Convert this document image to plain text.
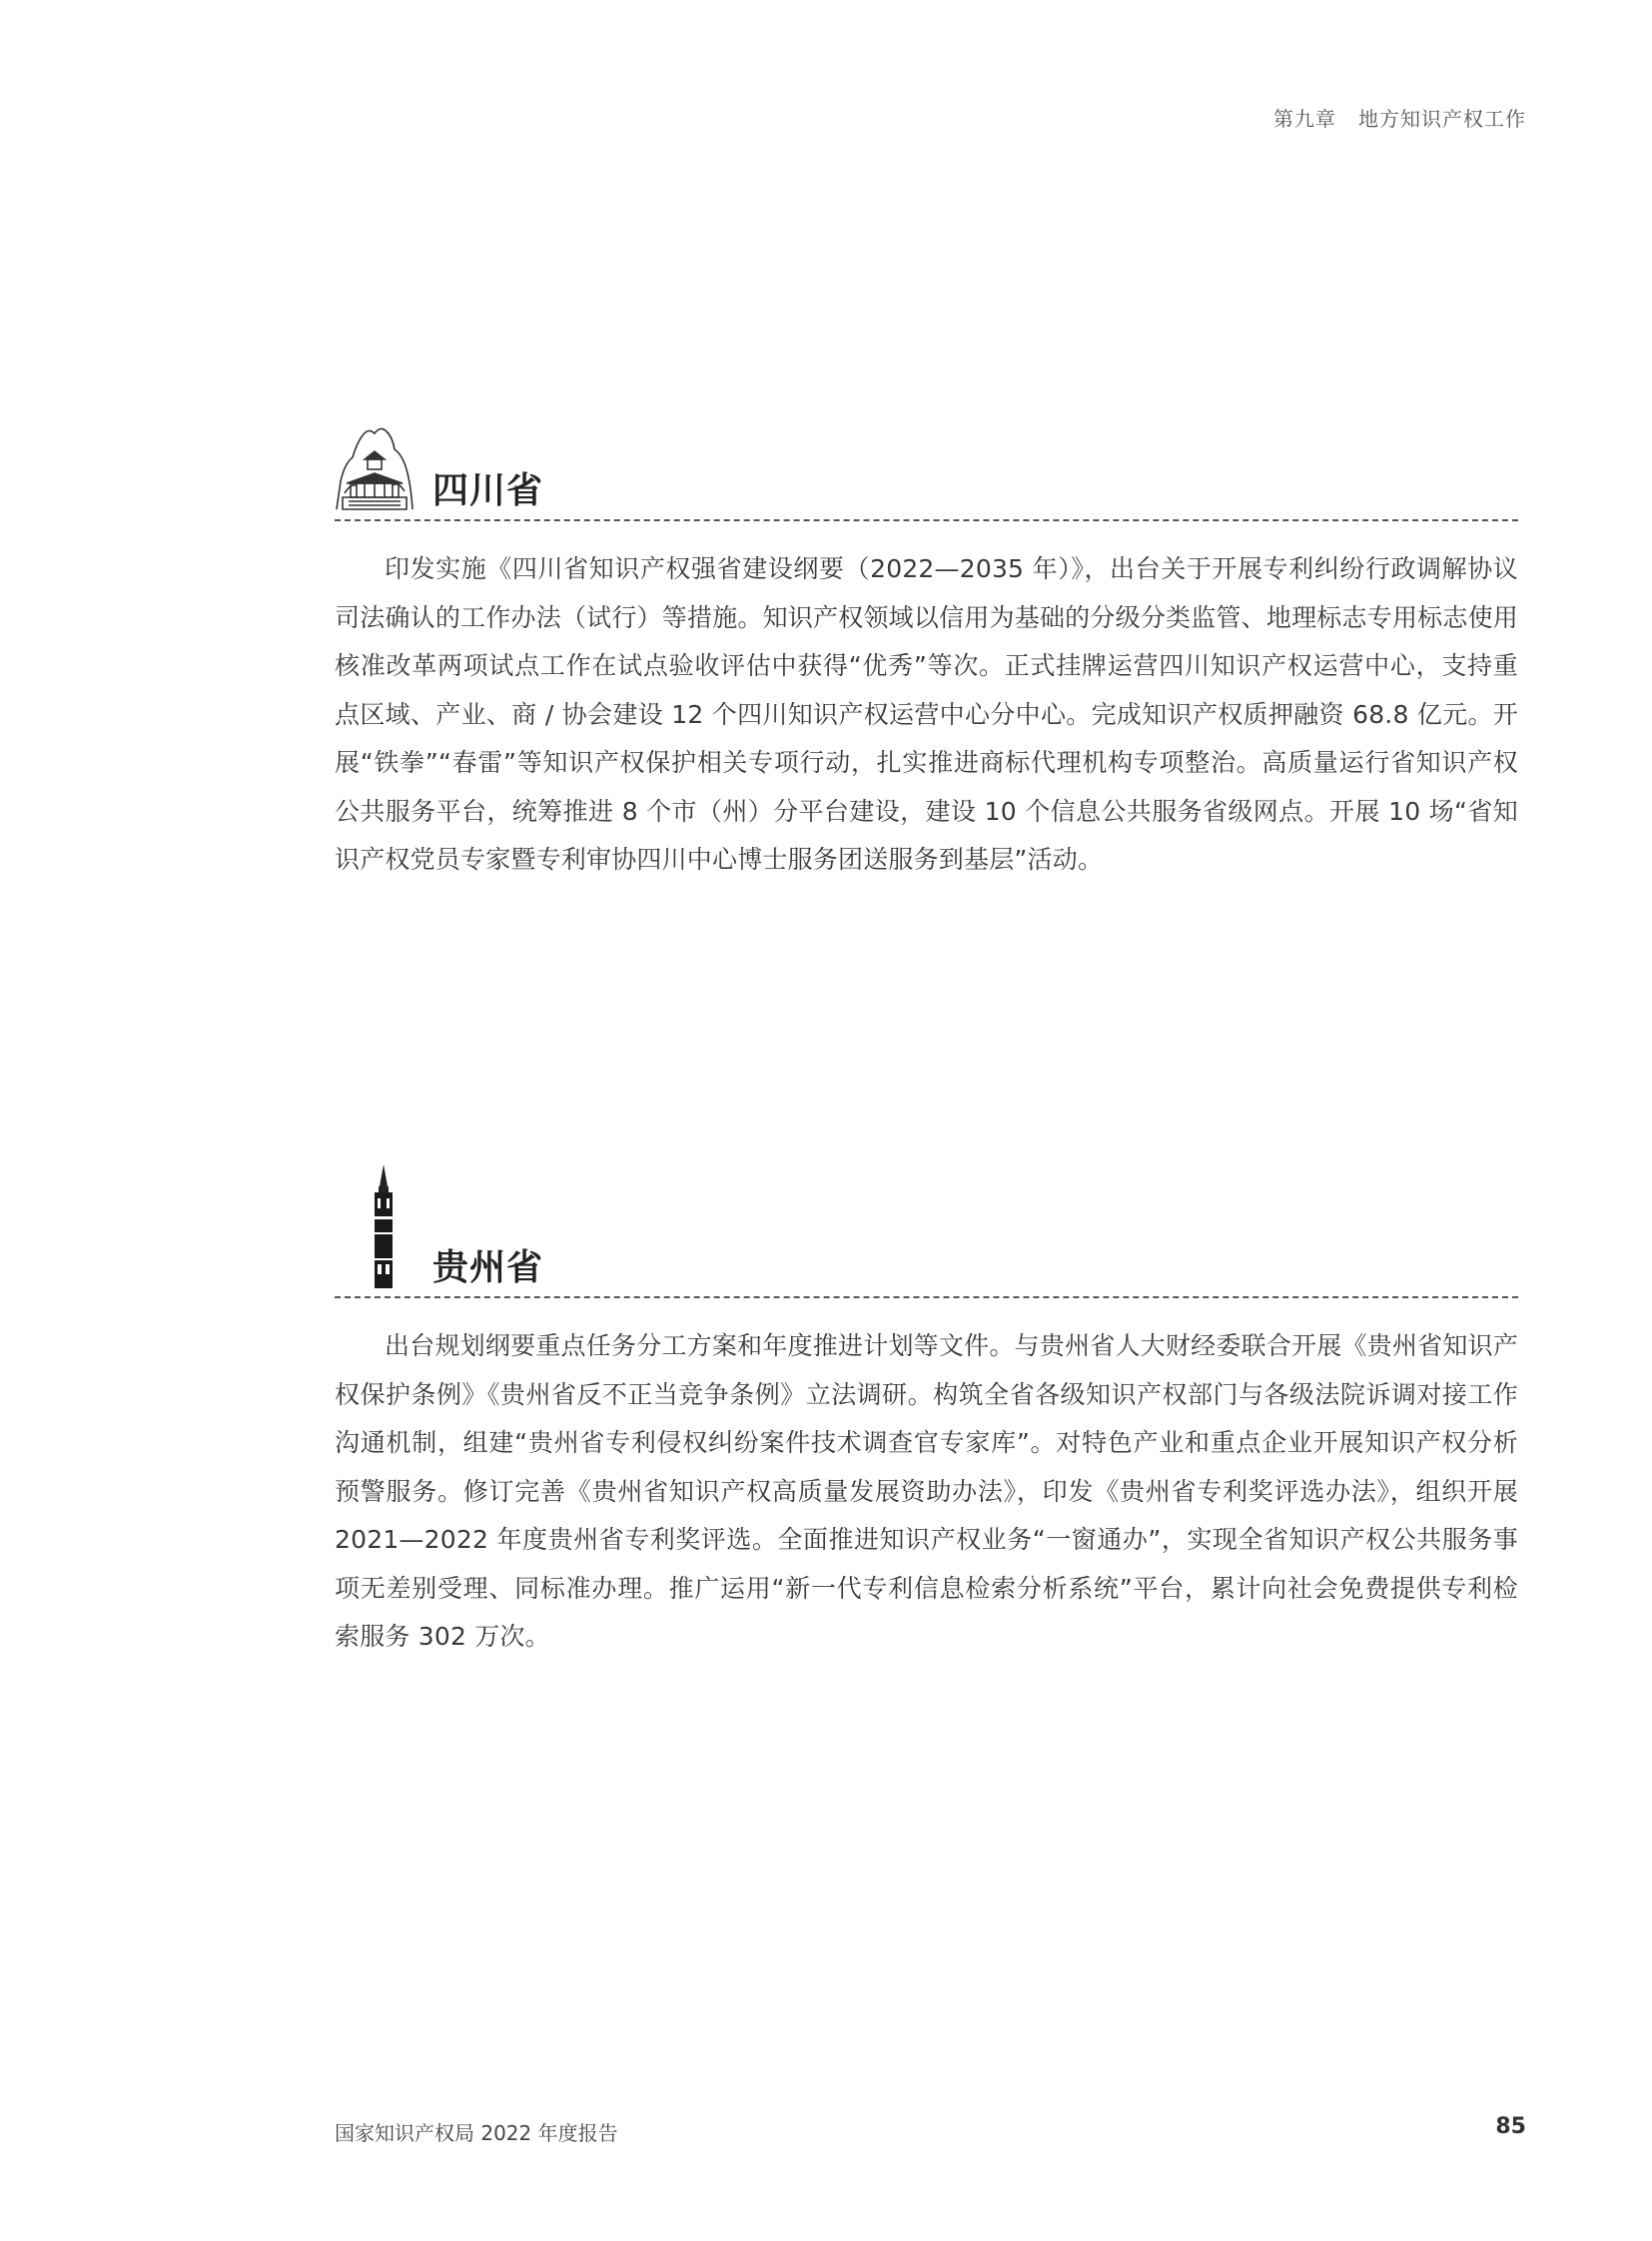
第九章 地方知识产权工作
四川省

印发实施《四川省知识产权强省建设纲要（2022—2035 年）》，出台关于开展专利纠纷行政调解协议司法确认的工作办法（试行）等措施。知识产权领域以信用为基础的分级分类监管、地理标志专用标志使用核准改革两项试点工作在试点验收评估中获得“优秀”等次。正式挂牌运营四川知识产权运营中心，支持重点区域、产业、商 / 协会建设 12 个四川知识产权运营中心分中心。完成知识产权质押融资 68.8 亿元。开展“铁拳”“春雷”等知识产权保护相关专项行动，扎实推进商标代理机构专项整治。高质量运行省知识产权公共服务平台，统筹推进 8 个市（州）分平台建设，建设 10 个信息公共服务省级网点。开展 10 场“省知识产权党员专家暨专利审协四川中心博士服务团送服务到基层”活动。

贵州省

出台规划纲要重点任务分工方案和年度推进计划等文件。与贵州省人大财经委联合开展《贵州省知识产权保护条例》《贵州省反不正当竞争条例》立法调研。构筑全省各级知识产权部门与各级法院诉调对接工作沟通机制，组建“贵州省专利侵权纠纷案件技术调查官专家库”。对特色产业和重点企业开展知识产权分析预警服务。修订完善《贵州省知识产权高质量发展资助办法》，印发《贵州省专利奖评选办法》，组织开展 2021—2022 年度贵州省专利奖评选。全面推进知识产权业务“一窗通办”，实现全省知识产权公共服务事项无差别受理、同标准办理。推广运用“新一代专利信息检索分析系统”平台，累计向社会免费提供专利检索服务 302 万次。

国家知识产权局 2022 年度报告	85
